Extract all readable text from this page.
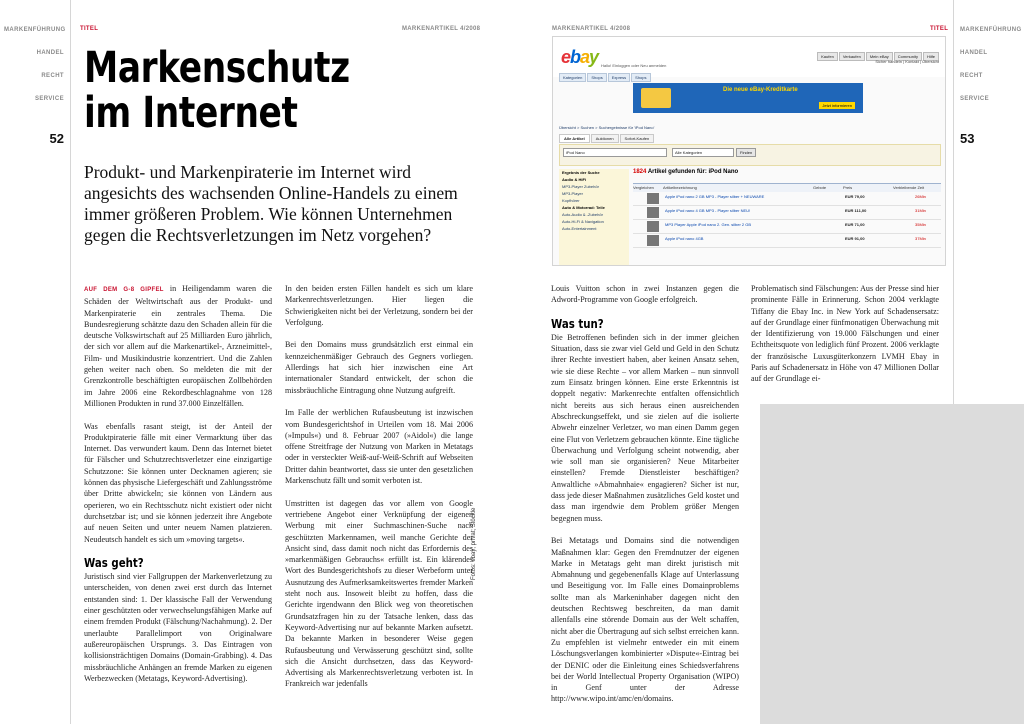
MARKENFÜHRUNG
HANDEL
RECHT
SERVICE
52
TITEL	MARKENARTIKEL 4/2008
Markenschutz
im Internet

Produkt- und Markenpiraterie im Internet wird angesichts des wachsenden Online-Handels zu einem immer größeren Problem. Wie können Unternehmen gegen die Rechtsverletzungen im Netz vorgehen?

AUF DEM G-8 GIPFEL in Heiligendamm waren die Schäden der Weltwirtschaft aus der Produkt- und Markenpiraterie ein zentrales Thema. Die Bundesregierung schätzte dazu den Schaden allein für die deutsche Volkswirtschaft auf 25 Milliarden Euro jährlich, der sich vor allem auf die Markenartikel-, Arzneimittel-, Film- und Musikindustrie konzentriert. Und die Zahlen gehen weiter nach oben. So meldeten die mit der Grenzkontrolle beschäftigten europäischen Zollbehörden im Jahre 2006 eine Rekordbeschlagnahme von 128 Millionen Produkten in rund 37.000 Einzelfällen.

Was ebenfalls rasant steigt, ist der Anteil der Produktpiraterie fälle mit einer Vermarktung über das Internet. Das verwundert kaum. Denn das Internet bietet für Fälscher und Schutzrechtsverletzer eine einzigartige Schutzzone: Sie können unter Decknamen agieren; sie können das physische Liefergeschäft und Zahlungsströme über Dritte abwickeln; sie können von Ländern aus operieren, wo ein Rechtsschutz nicht existiert oder nicht durchsetzbar ist; und sie können jederzeit ihre Angebote auf neuen Seiten und unter neuem Namen platzieren. Neudeutsch handelt es sich um »moving targets«.

Was geht?

Juristisch sind vier Fallgruppen der Markenverletzung zu unterscheiden, von denen zwei erst durch das Internet entstanden sind: 1. Der klassische Fall der Verwendung einer geschützten oder verwechselungsfähigen Marke auf einem fremden Produkt (Fälschung/Nachahmung). 2. Der unerlaubte Parallelimport von Originalware außereuropäischen Ursprungs. 3. Das Eintragen von kollisionsträchtigen Domains (Domain-Grabbing). 4. Das missbräuchliche Anhängen an fremde Marken zu eigenen Werbezwecken (Metatags, Keyword-Advertising).

In den beiden ersten Fällen handelt es sich um klare Markenrechtsverletzungen. Hier liegen die Schwierigkeiten nicht bei der Verletzung, sondern bei der Verfolgung.

Bei den Domains muss grundsätzlich erst einmal ein kennzeichenmäßiger Gebrauch des Gegners vorliegen. Allerdings hat sich hier inzwischen eine Art internationaler Standard entwickelt, der schon die missbräuchliche Eintragung ohne Nutzung aufgreift.

Im Falle der werblichen Rufausbeutung ist inzwischen vom Bundesgerichtshof in Urteilen vom 18. Mai 2006 (»Impuls«) und 8. Februar 2007 (»Aidol«) die lange offene Streitfrage der Nutzung von Marken in Metatags oder in versteckter Weiß-auf-Weiß-Schrift auf Webseiten Dritter dahin beantwortet, dass sie unter den gesetzlichen Markenschutz fällt und somit verboten ist.

Umstritten ist dagegen das vor allem von Google vertriebene Angebot einer Verknüpfung der eigenen Werbung mit einer Suchmaschinen-Suche nach geschützten Markennamen, weil manche Gerichte der Ansicht sind, dass damit noch nicht das Erfordernis des »markenmäßigen Gebrauchs« erfüllt ist. Ein klärendes Wort des Bundesgerichtshofs zu dieser Werbeform unter Ausnutzung des Aufmerksamkeitswertes fremder Marken steht noch aus. Insoweit bleibt zu hoffen, dass die Gerichte irgendwann den Blick weg von theoretischen Grundsatzfragen hin zu der Tatsache lenken, dass das Keyword-Advertising nur auf bekannte Marken aufsetzt. Da bekannte Marken in besonderer Weise gegen Rufausbeutung und Verwässerung geschützt sind, sollte sich die Ansicht durchsetzen, dass das Keyword-Advertising als Markenrechtsverletzung verboten ist. In Frankreich war jedenfalls

Fotos: ebay; privat; Stöckle
MARKENFÜHRUNG
HANDEL
RECHT
SERVICE
53
MARKENARTIKEL 4/2008	TITEL
ebay Hallo! Einloggen oder Neu anmelden
Kaufen Verkaufen Mein eBay Community Hilfe
Sicher handeln | Kontakt | Übersicht
Kategorien Shops Express Shops
Die neue eBay-Kreditkarte
Jetzt informieren
Übersicht > Suchen > Suchergebnisse für 'iPod Nano'
Alle Artikel	Auktionen	Sofort-Kaufen
iPod Nano	Alle Kategorien	Finden
Ergebnis der Suche
Audio & HiFi
MP3-Player Zubehör
MP3-Player
Kopfhörer
Auto & Motorrad: Teile
Auto-Audio & -Zubehör
Auto-Hi-Fi & Navigation
Auto-Entertainment
1824 Artikel gefunden für: iPod Nano
Vergleichen Artikelbezeichnung	Gebote	Preis	Verbleibende Zeit
Apple iPod nano 2 GB MP3 - Player silber + NEUWARE	EUR 79,00	26Min
Apple iPod nano 4 GB MP3 - Player silber NEU!	EUR 111,00	31Min
MP3 Player Apple iPod nano 2. Gen. silber 2 GB	EUR 71,00	35Min
Apple iPod nano 4GB	EUR 91,00	37Min

Louis Vuitton schon in zwei Instanzen gegen die Adword-Programme von Google erfolgreich.

Was tun?

Die Betroffenen befinden sich in der immer gleichen Situation, dass sie zwar viel Geld und Geld in den Schutz ihrer Rechte investiert haben, aber keinen Ansatz sehen, wie sie diese Rechte – vor allem Marken – nun sinnvoll zum Einsatz bringen können. Eine erste Erkenntnis ist doppelt negativ: Markenrechte entfalten offensichtlich nicht bereits aus sich heraus einen ausreichenden Abschreckungseffekt, und sie zielen auf die isolierte Abwehr einzelner Verletzer, wo man einen Damm gegen eine Flut von Verletzern gebrauchen könnte. Eine tägliche Überwachung und Verfolgung scheint notwendig, aber wie soll man sie organisieren? Neue Mitarbeiter einstellen? Fremde Dienstleister beschäftigen? Anwaltliche »Abmahnhaie« engagieren? Sicher ist nur, dass jede dieser Maßnahmen zusätzliches Geld kostet und dass man irgendwie dem Problem größer Mengen begegnen muss.

Bei Metatags und Domains sind die notwendigen Maßnahmen klar: Gegen den Fremdnutzer der eigenen Marke in Metatags geht man direkt juristisch mit Abmahnung und gegebenenfalls Klage auf Unterlassung und Beseitigung vor. Im Falle eines Domainproblems sollte man als Markeninhaber dagegen nicht den deutschen Rechtsweg beschreiten, da man damit allenfalls eine störende Domain aus der Welt schaffen, nicht aber die Übertragung auf sich selbst erreichen kann. Zu empfehlen ist vielmehr entweder ein mit einem Löschungsverlangen kombinierter »Dispute«-Eintrag bei der DENIC oder die Einleitung eines Schiedsverfahrens bei der World Intellectual Property Organisation (WIPO) in Genf unter der Adresse http://www.wipo.int/amc/en/domains.

Problematisch sind Fälschungen: Aus der Presse sind hier prominente Fälle in Erinnerung. Schon 2004 verklagte Tiffany die Ebay Inc. in New York auf Schadensersatz: auf der Grundlage einer fünfmonatigen Überwachung mit der Identifizierung von 19.000 Fälschungen und einer Echtheitsquote von lediglich fünf Prozent. 2006 verklagte der französische Luxusgüterkonzern LVMH Ebay in Paris auf Schadenersatz in Höhe von 47 Millionen Dollar auf der Grundlage ei-
